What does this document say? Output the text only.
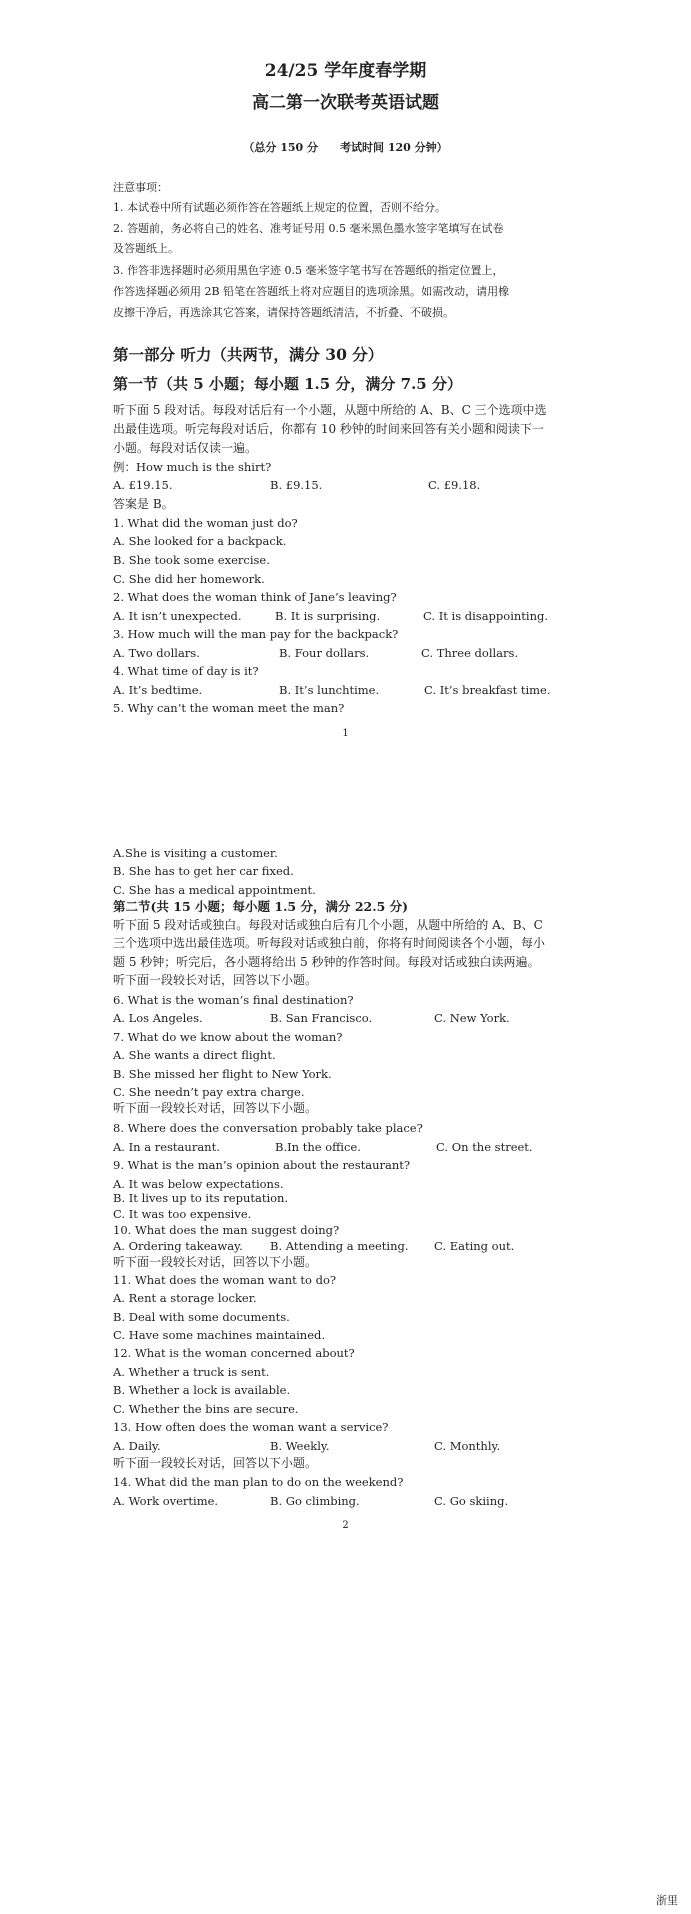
24/25 学年度春学期
高二第一次联考英语试题
（总分 150 分　　考试时间 120 分钟）
注意事项：
1. 本试卷中所有试题必须作答在答题纸上规定的位置，否则不给分。
2. 答题前，务必将自己的姓名、准考证号用 0.5 毫米黑色墨水签字笔填写在试卷
及答题纸上。
3. 作答非选择题时必须用黑色字迹 0.5 毫米签字笔书写在答题纸的指定位置上，
作答选择题必须用 2B 铅笔在答题纸上将对应题目的选项涂黑。如需改动，请用橡
皮擦干净后，再选涂其它答案，请保持答题纸清洁，不折叠、不破损。
第一部分 听力（共两节，满分 30 分）
第一节（共 5 小题；每小题 1.5 分，满分 7.5 分）
听下面 5 段对话。每段对话后有一个小题，从题中所给的 A、B、C 三个选项中选
出最佳选项。听完每段对话后，你都有 10 秒钟的时间来回答有关小题和阅读下一
小题。每段对话仅读一遍。
例：How much is the shirt?
A. £19.15.	B. £9.15.	C. £9.18.
答案是 B。
1. What did the woman just do?
A. She looked for a backpack.
B. She took some exercise.
C. She did her homework.
2. What does the woman think of Jane’s leaving?
A. It isn’t unexpected.	B. It is surprising.	C. It is disappointing.
3. How much will the man pay for the backpack?
A. Two dollars.	B. Four dollars.	C. Three dollars.
4. What time of day is it?
A. It’s bedtime.	B. It’s lunchtime.	C. It’s breakfast time.
5. Why can’t the woman meet the man?
1
A.She is visiting a customer.
B. She has to get her car fixed.
C. She has a medical appointment.
第二节(共 15 小题；每小题 1.5 分，满分 22.5 分)
听下面 5 段对话或独白。每段对话或独白后有几个小题，从题中所给的 A、B、C
三个选项中选出最佳选项。听每段对话或独白前，你将有时间阅读各个小题，每小
题 5 秒钟；听完后，各小题将给出 5 秒钟的作答时间。每段对话或独白读两遍。
听下面一段较长对话，回答以下小题。
6. What is the woman’s final destination?
A. Los Angeles.	B. San Francisco.	C. New York.
7. What do we know about the woman?
A. She wants a direct flight.
B. She missed her flight to New York.
C. She needn’t pay extra charge.
听下面一段较长对话，回答以下小题。
8. Where does the conversation probably take place?
A. In a restaurant.	B.In the office.	C. On the street.
9. What is the man’s opinion about the restaurant?
A. It was below expectations.
B. It lives up to its reputation.
C. It was too expensive.
10. What does the man suggest doing?
A. Ordering takeaway. B. Attending a meeting. C. Eating out.
听下面一段较长对话，回答以下小题。
11. What does the woman want to do?
A. Rent a storage locker.
B. Deal with some documents.
C. Have some machines maintained.
12. What is the woman concerned about?
A. Whether a truck is sent.
B. Whether a lock is available.
C. Whether the bins are secure.
13. How often does the woman want a service?
A. Daily.	B. Weekly.	C. Monthly.
听下面一段较长对话，回答以下小题。
14. What did the man plan to do on the weekend?
A. Work overtime.	B. Go climbing.	C. Go skiing.
2
浙里
